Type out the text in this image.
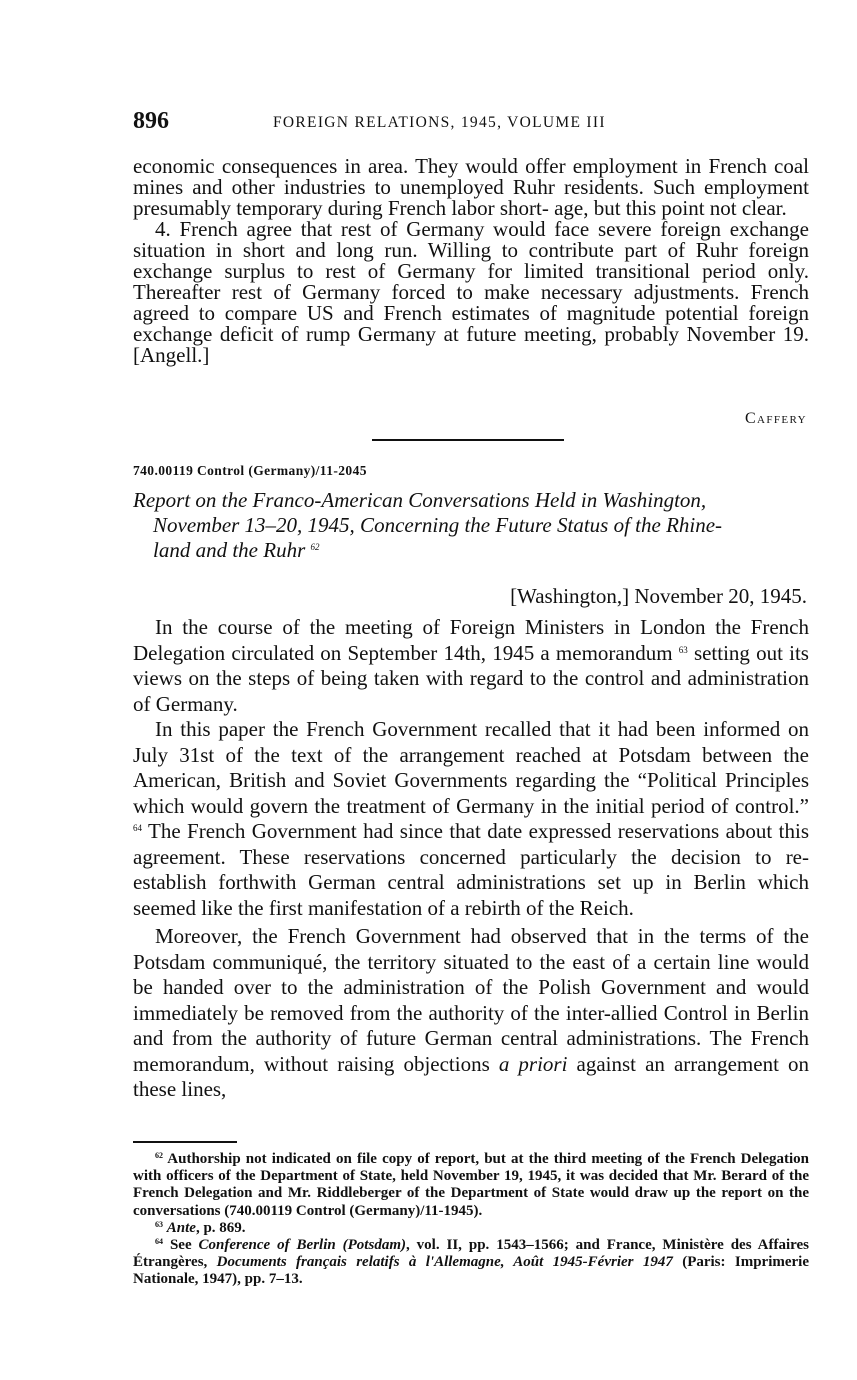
896	FOREIGN RELATIONS, 1945, VOLUME III

economic consequences in area. They would offer employment in French coal mines and other industries to unemployed Ruhr residents. Such employment presumably temporary during French labor short- age, but this point not clear.

4. French agree that rest of Germany would face severe foreign exchange situation in short and long run. Willing to contribute part of Ruhr foreign exchange surplus to rest of Germany for limited transitional period only. Thereafter rest of Germany forced to make necessary adjustments. French agreed to compare US and French estimates of magnitude potential foreign exchange deficit of rump Germany at future meeting, probably November 19. [Angell.]

Caffery
740.00119 Control (Germany)/11-2045
Report on the Franco-American Conversations Held in Washington,
November 13–20, 1945, Concerning the Future Status of the Rhine-
land and the Ruhr $^{62}$
[Washington,] November 20, 1945.

In the course of the meeting of Foreign Ministers in London the French Delegation circulated on September 14th, 1945 a memorandum $^{63}$ setting out its views on the steps of being taken with regard to the control and administration of Germany.

In this paper the French Government recalled that it had been informed on July 31st of the text of the arrangement reached at Potsdam between the American, British and Soviet Governments regarding the “Political Principles which would govern the treatment of Germany in the initial period of control.” $^{64}$ The French Government had since that date expressed reservations about this agreement. These reservations concerned particularly the decision to re-establish forthwith German central administrations set up in Berlin which seemed like the first manifestation of a rebirth of the Reich.

Moreover, the French Government had observed that in the terms of the Potsdam communiqué, the territory situated to the east of a certain line would be handed over to the administration of the Polish Government and would immediately be removed from the authority of the inter-allied Control in Berlin and from the authority of future German central administrations. The French memorandum, without raising objections a priori against an arrangement on these lines,

$^{62}$ Authorship not indicated on file copy of report, but at the third meeting of the French Delegation with officers of the Department of State, held November 19, 1945, it was decided that Mr. Berard of the French Delegation and Mr. Riddleberger of the Department of State would draw up the report on the conversations (740.00119 Control (Germany)/11-1945).

$^{63}$ Ante, p. 869.

$^{64}$ See Conference of Berlin (Potsdam), vol. II, pp. 1543–1566; and France, Ministère des Affaires Étrangères, Documents français relatifs à l'Allemagne, Août 1945-Février 1947 (Paris: Imprimerie Nationale, 1947), pp. 7–13.
